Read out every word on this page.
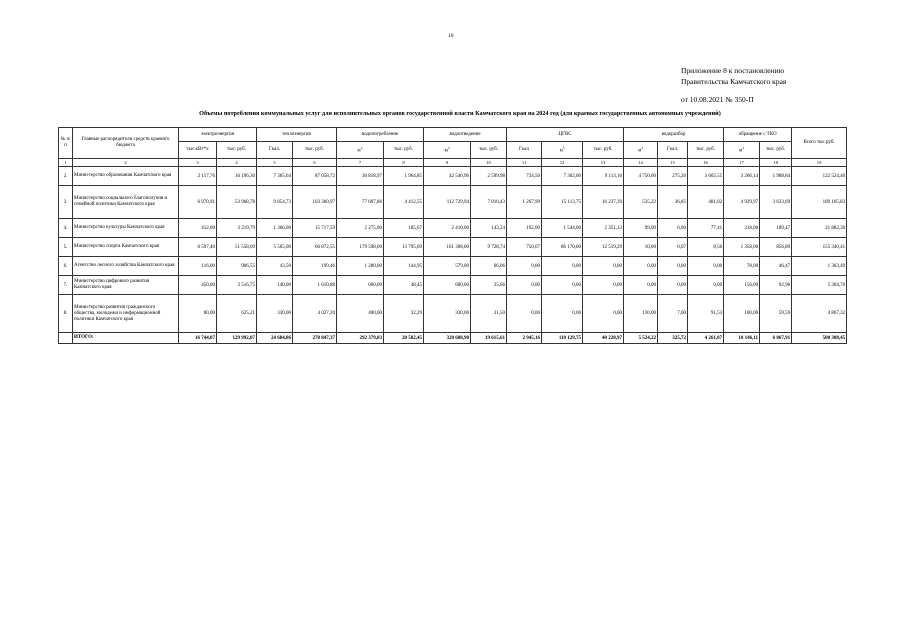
10
Приложение 8 к постановлению
Правительства Камчатского края
от 10.08.2021 № 350-П
Объемы потребления коммунальных услуг для исполнительных органов государственной власти Камчатского края на 2024 год (для краевых государственных автономных учреждений)
№ п/п	Главные распорядители средств краевого бюджета	электроэнергия		теплоэнергия		водопотребление		водоотведение		ЦГВС			водоразбор			обращение с ТКО		Всего тыс.руб.
		тыс.кВт*ч	тыс. руб.	Гкал.	тыс. руб.	$м^3$	тыс. руб.	$м^3$	тыс. руб.	Гкал	$м^3$	тыс. руб.	$м^3$	Гкал.	тыс. руб.	$м^3$	тыс. руб.	
1	2	3	4	5	6	7	8	9	10	11	12	13	14	15	16	17	18	19
2.	Министерство образования Камчатского края	2 117,76	16 196,30	7 365,64	87 058,72	30 818,97	1 964,85	42 540,96	2 599,98	734,50	7 302,00	9 113,16	4 750,00	275,20	3 602,55	3 206,14	1 988,84	122 524,40
3.	Министерство социального благополучия и семейной политики Камчатского края	6 970,91	53 968,78	9 854,73	103 360,97	77 607,86	4 412,55	112 729,94	7 010,43	1 267,99	15 113,75	16 237,39	535,22	36,85	481,02	4 929,97	3 633,69	189 105,83
4.	Министерство культуры Камчатского края	412,00	3 219,79	1 366,00	15 717,59	2 275,00	185,67	2 410,00	143,24	192,00	1 544,00	2 351,13	99,00	6,00	77,41	318,00	189,47	21 882,30
5.	Министерство спорта Камчатского края	6 597,40	51 558,69	5 565,00	66 872,55	179 598,00	13 795,69	161 308,00	9 728,74	750,67	86 170,00	12 519,29	10,00	0,67	8,56	1 358,00	856,89	155 340,41
6.	Агентство лесного хозяйства Камчатского края	116,00	906,55	43,50	199,46	1 280,00	144,95	579,00	66,06	0,00	0,00	0,00	0,00	0,00	0,00	78,00	46,47	1 363,49
7.	Министерство цифрового развития Камчатского края	450,00	3 516,75	140,00	1 610,88	600,00	48,45	600,00	35,66	0,00	0,00	0,00	0,00	0,00	0,00	156,00	92,96	5 304,70
8.	Министерство развития гражданского общества, молодежи и информационной политики Камчатского края	80,00	625,21	330,00	4 027,20	400,00	32,29	330,00	31,50	0,00	0,00	0,00	130,00	7,00	91,53	100,00	59,59	4 867,32
	ИТОГО:	16 744,07	129 992,07	24 684,86	278 847,37	292 379,83	20 582,45	320 688,90	19 615,61	2 945,16	110 129,75	40 220,97	5 524,22	325,72	4 261,07	10 146,11	6 867,91	500 388,45
